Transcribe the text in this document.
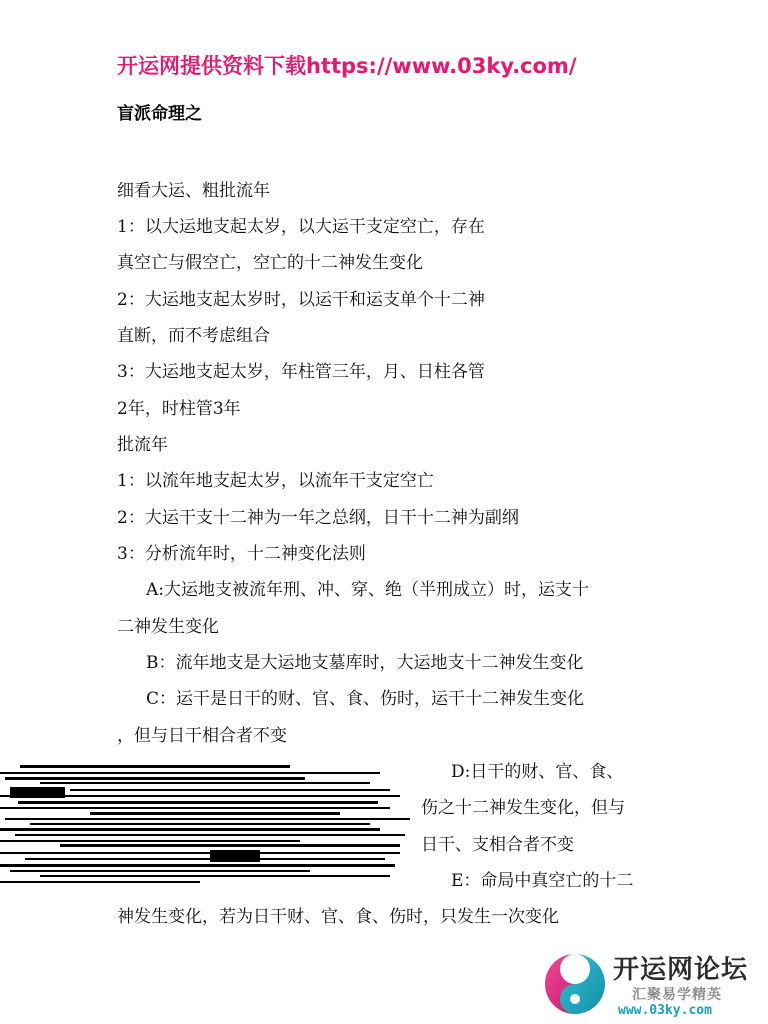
开运网提供资料下载https://www.03ky.com/
盲派命理之
细看大运、粗批流年
1：以大运地支起太岁，以大运干支定空亡，存在
真空亡与假空亡，空亡的十二神发生变化
2：大运地支起太岁时，以运干和运支单个十二神
直断，而不考虑组合
3：大运地支起太岁，年柱管三年，月、日柱各管
2年，时柱管3年
批流年
1：以流年地支起太岁，以流年干支定空亡
2：大运干支十二神为一年之总纲，日干十二神为副纲
3：分析流年时，十二神变化法则
A:大运地支被流年刑、冲、穿、绝（半刑成立）时，运支十
二神发生变化
B：流年地支是大运地支墓库时，大运地支十二神发生变化
C：运干是日干的财、官、食、伤时，运干十二神发生变化
，但与日干相合者不变
D:日干的财、官、食、
伤之十二神发生变化，但与
日干、支相合者不变
E：命局中真空亡的十二
神发生变化，若为日干财、官、食、伤时，只发生一次变化
开运网论坛
汇聚易学精英
www.03ky.com
